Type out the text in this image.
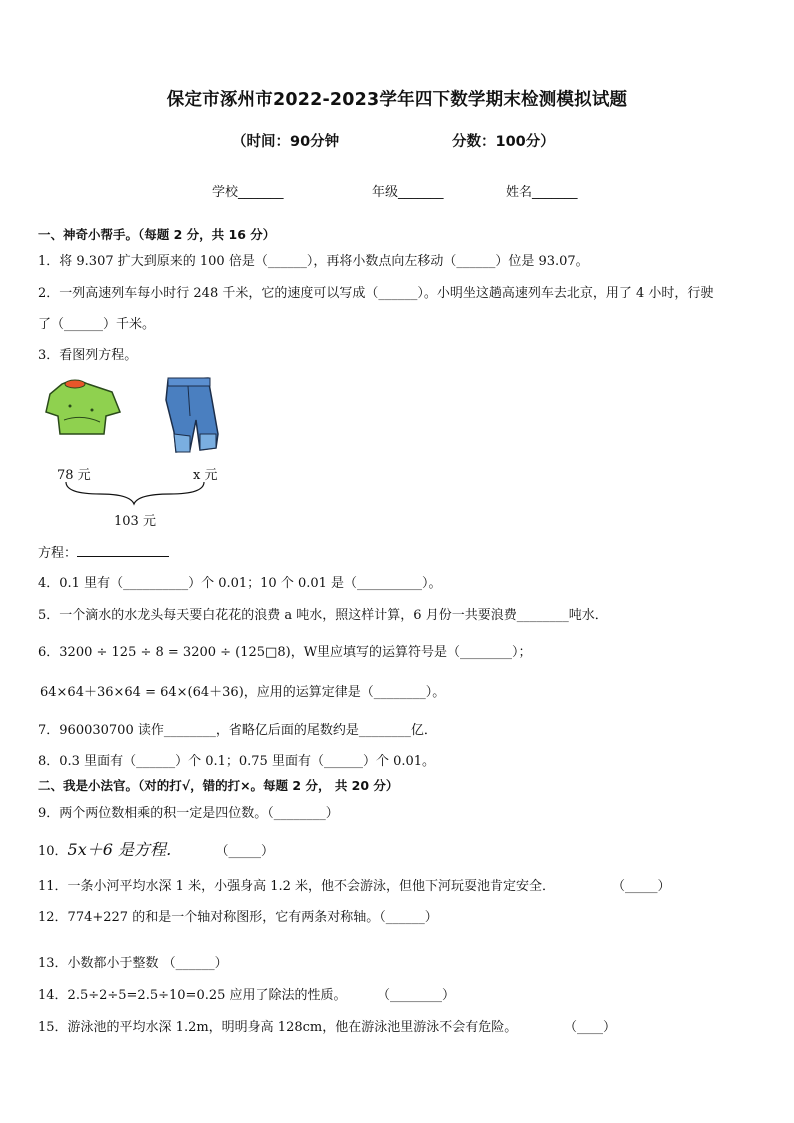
保定市涿州市2022-2023学年四下数学期末检测模拟试题
（时间：90分钟	分数：100分）
学校_______	年级_______	姓名_______
一、神奇小帮手。（每题 2 分，共 16 分）
1．将 9.307 扩大到原来的 100 倍是（______），再将小数点向左移动（______）位是 93.07。
2．一列高速列车每小时行 248 千米，它的速度可以写成（______）。小明坐这趟高速列车去北京，用了 4 小时，行驶
了（______）千米。
3．看图列方程。
78 元	x 元
103 元
方程：
4．0.1 里有（__________）个 0.01；10 个 0.01 是（__________）。
5．一个滴水的水龙头每天要白花花的浪费 a 吨水，照这样计算，6 月份一共要浪费________吨水．
6．3200 ÷ 125 ÷ 8 = 3200 ÷ (125□8)，W里应填写的运算符号是（________）；
64×64＋36×64 = 64×(64＋36)，应用的运算定律是（________）。
7．960030700 读作________，省略亿后面的尾数约是________亿．
8．0.3 里面有（______）个 0.1；0.75 里面有（______）个 0.01。
二、我是小法官。（对的打√，错的打×。每题 2 分， 共 20 分）
9．两个两位数相乘的积一定是四位数。（________）
10．5x＋6 是方程．	（_____）
11．一条小河平均水深 1 米，小强身高 1.2 米，他不会游泳，但他下河玩耍池肯定安全．	（_____）
12．774+227 的和是一个轴对称图形，它有两条对称轴。（______）
13．小数都小于整数 （______）
14．2.5÷2÷5=2.5÷10=0.25 应用了除法的性质。 （________）
15．游泳池的平均水深 1.2m，明明身高 128cm，他在游泳池里游泳不会有危险。	（____）
